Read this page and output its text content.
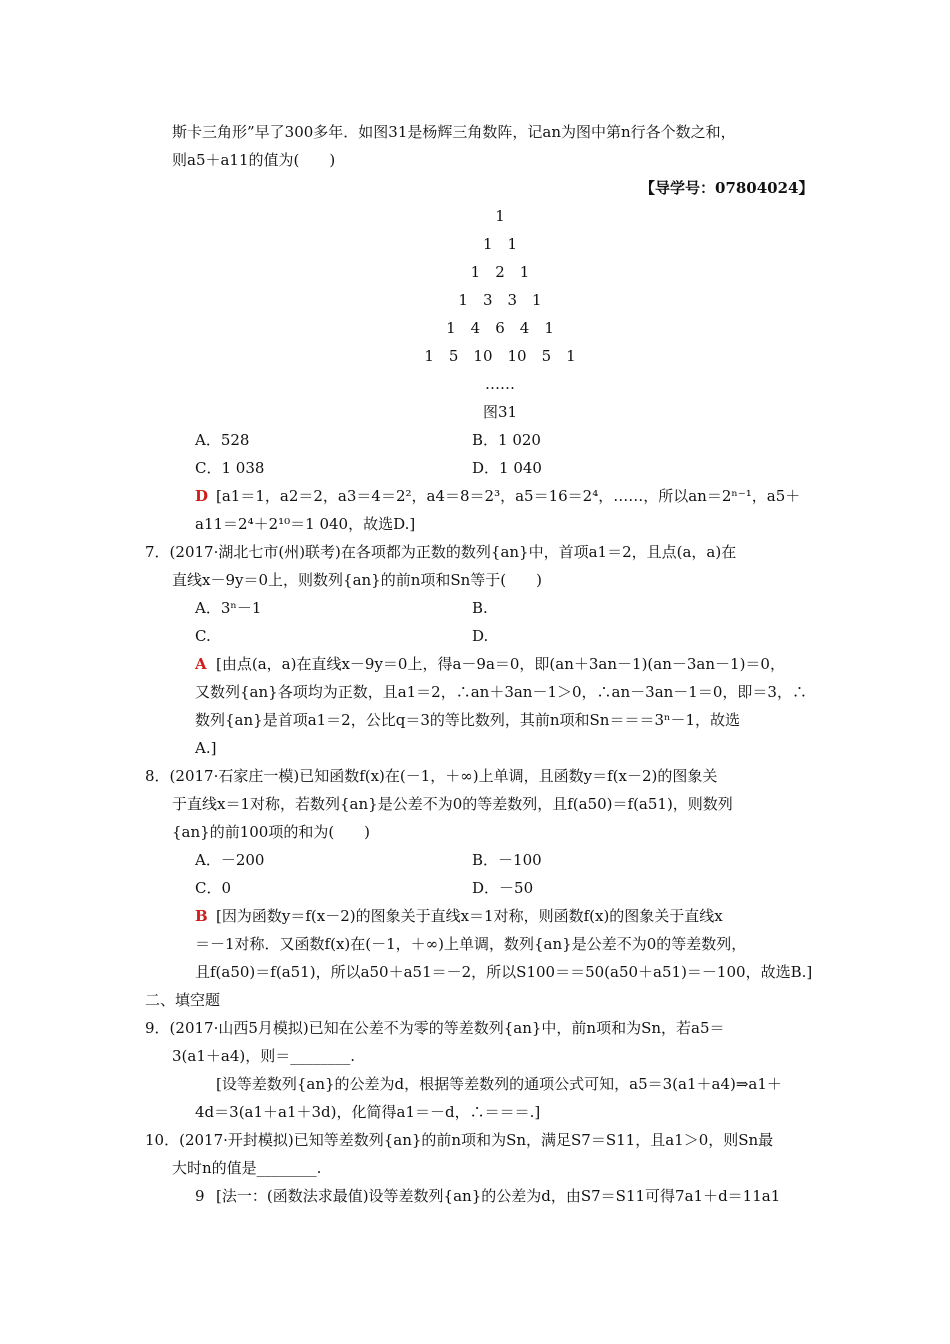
斯卡三角形”早了300多年．如图31是杨辉三角数阵，记an为图中第n行各个数之和，
则a5＋a11的值为(　　)
【导学号：07804024】
1
1　1
1　2　1
1　3　3　1
1　4　6　4　1
1　5　10　10　5　1
……
图31
A．528	B．1 020
C．1 038	D．1 040
D [a1＝1，a2＝2，a3＝4＝2²，a4＝8＝2³，a5＝16＝2⁴，……，所以an＝2ⁿ⁻¹，a5＋
a11＝2⁴＋2¹⁰＝1 040，故选D.]
7．(2017·湖北七市(州)联考)在各项都为正数的数列{an}中，首项a1＝2，且点(a，a)在
直线x－9y＝0上，则数列{an}的前n项和Sn等于(　　)
A．3ⁿ－1	B.
C.	D.
A [由点(a，a)在直线x－9y＝0上，得a－9a＝0，即(an＋3an－1)(an－3an－1)＝0，
又数列{an}各项均为正数，且a1＝2，∴an＋3an－1＞0，∴an－3an－1＝0，即＝3，∴
数列{an}是首项a1＝2，公比q＝3的等比数列，其前n项和Sn＝＝＝3ⁿ－1，故选
A.]
8．(2017·石家庄一模)已知函数f(x)在(－1，＋∞)上单调，且函数y＝f(x－2)的图象关
于直线x＝1对称，若数列{an}是公差不为0的等差数列，且f(a50)＝f(a51)，则数列
{an}的前100项的和为(　　)
A．－200	B．－100
C．0	D．－50
B [因为函数y＝f(x－2)的图象关于直线x＝1对称，则函数f(x)的图象关于直线x
＝－1对称．又函数f(x)在(－1，＋∞)上单调，数列{an}是公差不为0的等差数列，
且f(a50)＝f(a51)，所以a50＋a51＝－2，所以S100＝＝50(a50＋a51)＝－100，故选B.]
二、填空题
9．(2017·山西5月模拟)已知在公差不为零的等差数列{an}中，前n项和为Sn，若a5＝
3(a1＋a4)，则＝________.
[设等差数列{an}的公差为d，根据等差数列的通项公式可知，a5＝3(a1＋a4)⇒a1＋
4d＝3(a1＋a1＋3d)，化简得a1＝－d，∴＝＝＝.]
10．(2017·开封模拟)已知等差数列{an}的前n项和为Sn，满足S7＝S11，且a1＞0，则Sn最
大时n的值是________.
9 [法一：(函数法求最值)设等差数列{an}的公差为d，由S7＝S11可得7a1＋d＝11a1
